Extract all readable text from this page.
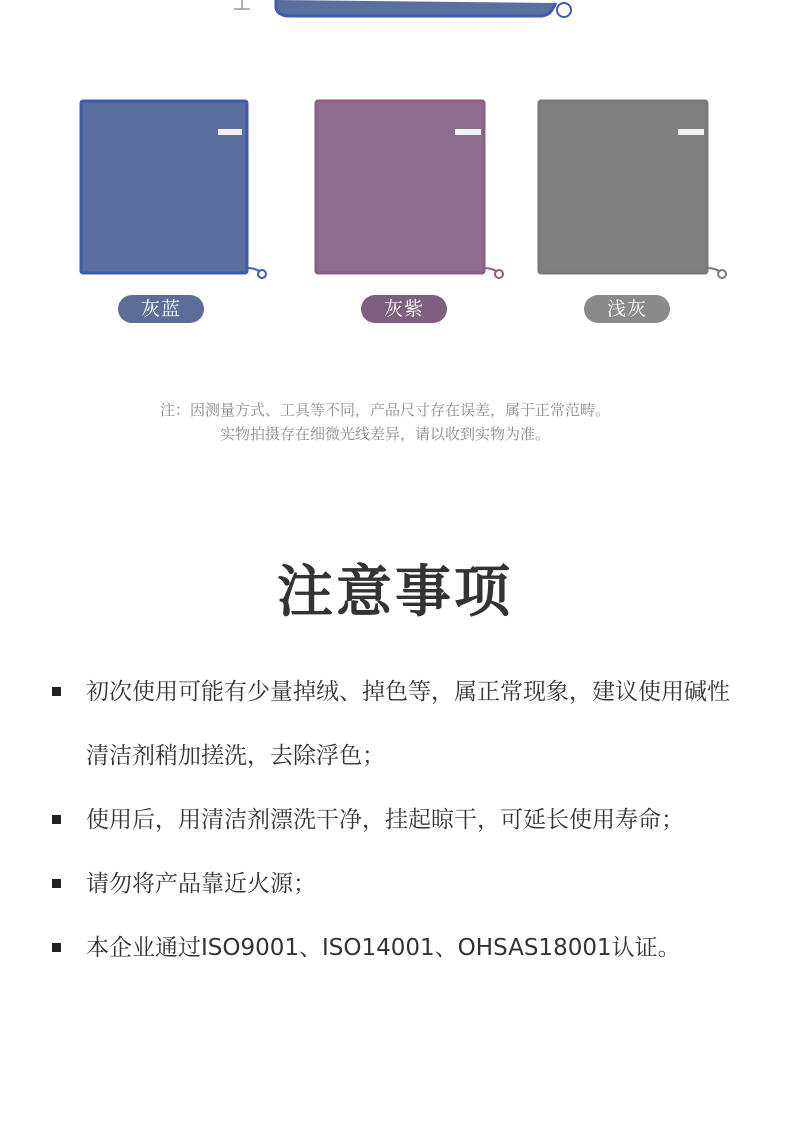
灰蓝	灰紫	浅灰
注：因测量方式、工具等不同，产品尺寸存在误差，属于正常范畴。
实物拍摄存在细微光线差异，请以收到实物为准。
注意事项
初次使用可能有少量掉绒、掉色等，属正常现象，建议使用碱性清洁剂稍加搓洗，去除浮色；
使用后，用清洁剂漂洗干净，挂起晾干，可延长使用寿命；
请勿将产品靠近火源；
本企业通过ISO9001、ISO14001、OHSAS18001认证。
